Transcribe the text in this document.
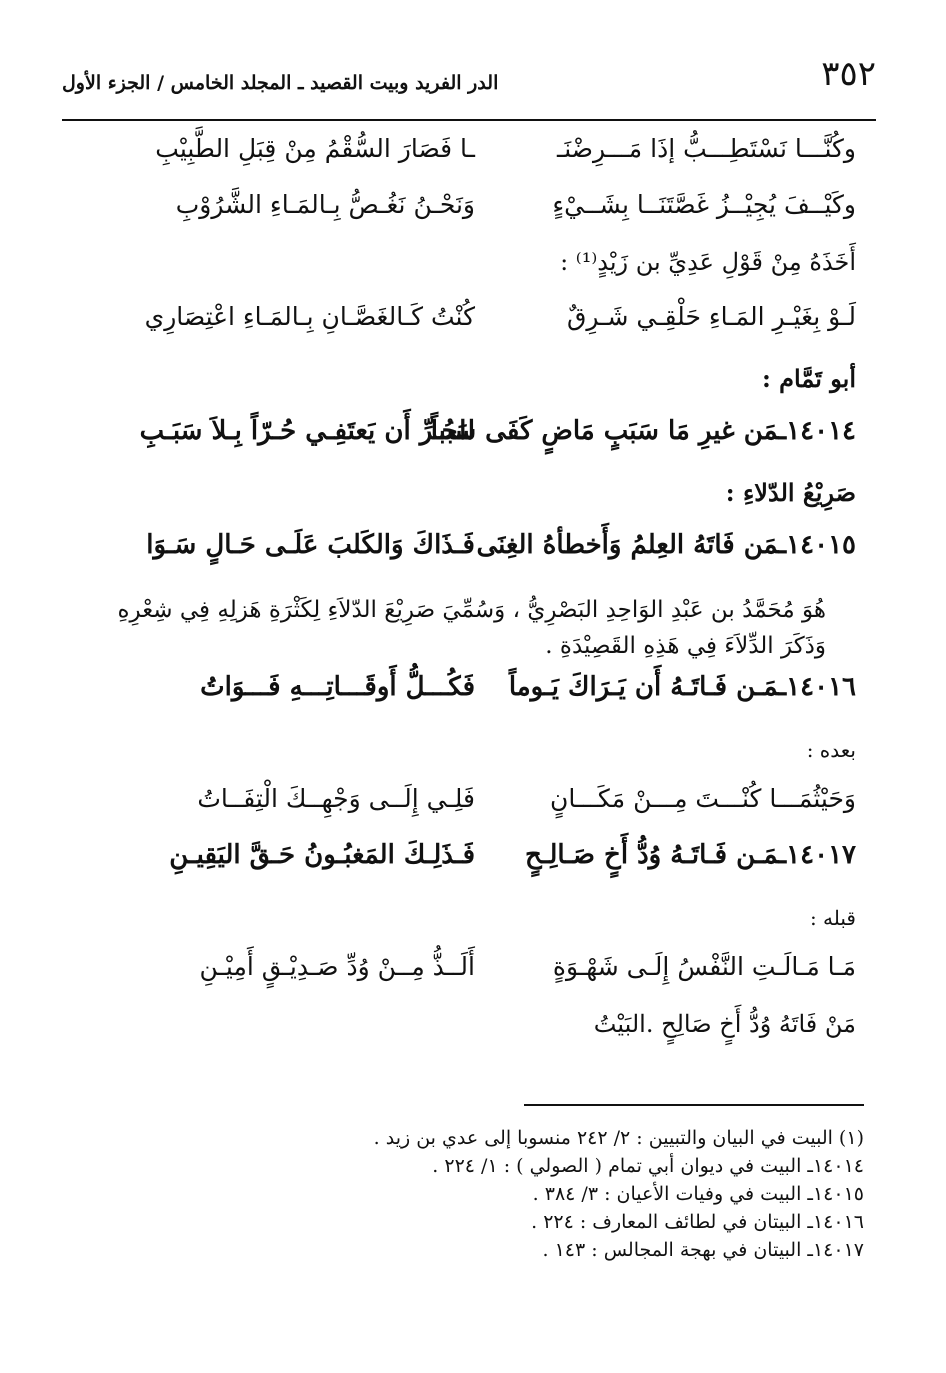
٣٥٢
الدر الفريد وبيت القصيد ـ المجلد الخامس / الجزء الأول
وكُنَّـــا نَسْتَطِـــبُّ إذَا مَـــرِضْنَـ
ـا فَصَارَ السُّقْمُ مِنْ قِبَلِ الطَّبِيْبِ
وكَيْــفَ يُجِيْــزُ غَصَّتَنَــا بِشَــيْءٍ
وَنَحْـنُ نَغُـصُّ بِـالمَـاءِ الشَّرُوْبِ
أَخَذَهُ مِنْ قَوْلِ عَدِيِّ بن زَيْدٍ⁽¹⁾ :
لَـوْ بِغَيْـرِ المَـاءِ حَلْقِـي شَـرِقٌ
كُنْتُ كَـالغَصَّـانِ بِـالمَـاءِ اعْتِصَارِي
أبو تَمَّام :
١٤٠١٤ـمَن غيرِ مَا سَبَبٍ مَاضٍ كَفَى سَبباً
للحُـرِّ أَن يَعتَفِـي حُـرّاً بِـلاَ سَبَـبِ
صَرِيْعُ الدّلاءِ :
١٤٠١٥ـمَن فَاتَهُ العِلمُ وَأَخطأهُ الغِنَى
فَـذَاكَ وَالكَلبَ عَلَـى حَـالٍ سَـوَا
هُوَ مُحَمَّدُ بن عَبْدِ الوَاحِدِ البَصْرِيُّ ، وَسُمِّيَ صَرِيْعَ الدّلاَءِ لِكَثْرَةِ هَزلِهِ فِي شِعْرِهِ وَذَكَرَ الدِّلاَءَ فِي هَذِهِ القَصِيْدَةِ .
١٤٠١٦ـمَـن فَـاتَـهُ أَن يَـرَاكَ يَـوماً
فَكُـــلُّ أَوقَـــاتِـــهِ فَـــوَاتُ
بعده :
وَحَيْثُمَـــا كُنْـــتَ مِـــنْ مَكَـــانٍ
فَلِـي إِلَــى وَجْهِــكَ الْتِفَــاتُ
١٤٠١٧ـمَـن فَـاتَـهُ وُدُّ أَخٍ صَـالِـحٍ
فَـذَلِـكَ المَغبُـونُ حَـقَّ اليَقِيـنِ
قبله :
مَـا مَـالَـتِ النَّفْسُ إِلَـى شَهْـوَةٍ
أَلَــذُّ مِــنْ وُدِّ صَـدِيْـقٍ أَمِيْـنِ
مَنْ فَاتَهُ وُدُّ أَخٍ صَالِحٍ .البَيْتُ
(١) البيت في البيان والتبيين : ٢/ ٢٤٢ منسوبا إلى عدي بن زيد .
١٤٠١٤ـ البيت في ديوان أبي تمام ( الصولي ) : ١/ ٢٢٤ .
١٤٠١٥ـ البيت في وفيات الأعيان : ٣/ ٣٨٤ .
١٤٠١٦ـ البيتان في لطائف المعارف : ٢٢٤ .
١٤٠١٧ـ البيتان في بهجة المجالس : ١٤٣ .
